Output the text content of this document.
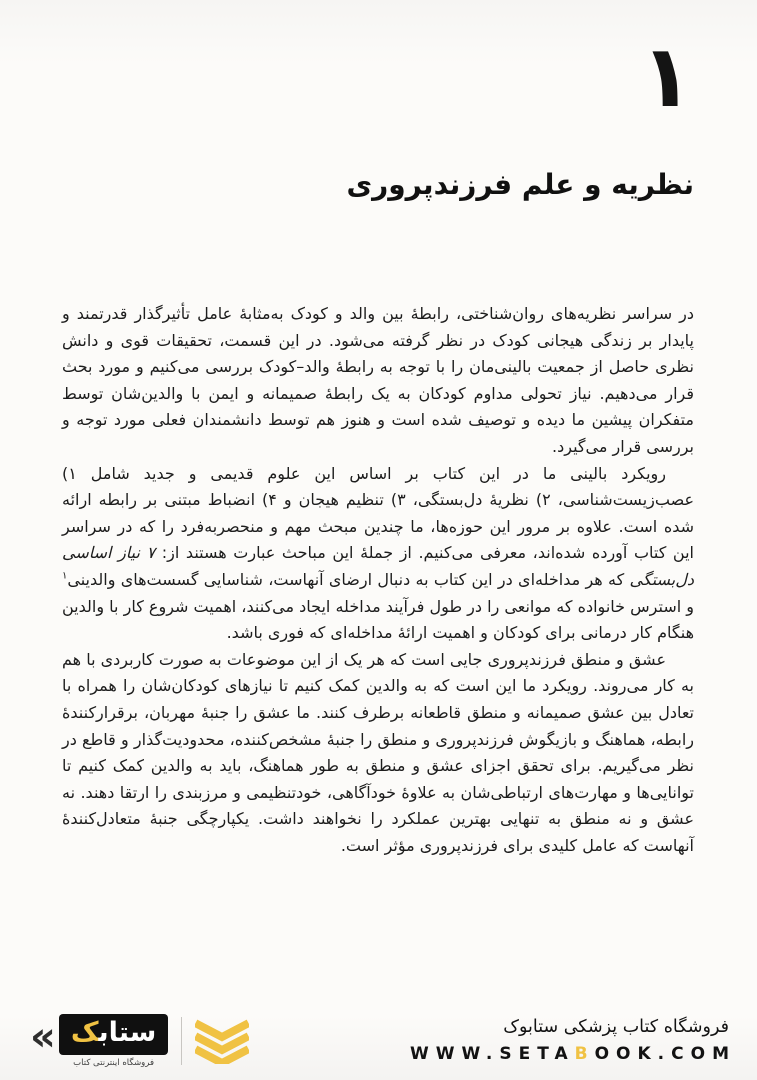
۱
نظریه و علم فرزندپروری

در سراسر نظریه‌های روان‌شناختی، رابطهٔ بین والد و کودک به‌مثابهٔ عامل تأثیرگذار قدرتمند و پایدار بر زندگی هیجانی کودک در نظر گرفته می‌شود. در این قسمت، تحقیقات قوی و دانش نظری حاصل از جمعیت بالینی‌مان را با توجه به رابطهٔ والد–کودک بررسی می‌کنیم و مورد بحث قرار می‌دهیم. نیاز تحولی مداوم کودکان به یک رابطهٔ صمیمانه و ایمن با والدین‌شان توسط متفکران پیشین ما دیده و توصیف شده است و هنوز هم توسط دانشمندان فعلی مورد توجه و بررسی قرار می‌گیرد.

رویکرد بالینی ما در این کتاب بر اساس این علوم قدیمی و جدید شامل ۱) عصب‌زیست‌شناسی، ۲) نظریهٔ دل‌بستگی، ۳) تنظیم هیجان و ۴) انضباط مبتنی بر رابطه ارائه شده است. علاوه بر مرور این حوزه‌ها، ما چندین مبحث مهم و منحصربه‌فرد را که در سراسر این کتاب آورده شده‌اند، معرفی می‌کنیم. از جملهٔ این مباحث عبارت هستند از: ۷ نیاز اساسی دل‌بستگی که هر مداخله‌ای در این کتاب به دنبال ارضای آنهاست، شناسایی گسست‌های والدینی$^۱$ و استرس خانواده که موانعی را در طول فرآیند مداخله ایجاد می‌کنند، اهمیت شروع کار با والدین هنگام کار درمانی برای کودکان و اهمیت ارائهٔ مداخله‌ای که فوری باشد.

عشق و منطق فرزندپروری جایی است که هر یک از این موضوعات به صورت کاربردی با هم به کار می‌روند. رویکرد ما این است که به والدین کمک کنیم تا نیازهای کودکان‌شان را همراه با تعادل بین عشق صمیمانه و منطق قاطعانه برطرف کنند. ما عشق را جنبهٔ مهربان، برقرارکنندهٔ رابطه، هماهنگ و بازیگوش فرزندپروری و منطق را جنبهٔ مشخص‌کننده، محدودیت‌گذار و قاطع در نظر می‌گیریم. برای تحقق اجزای عشق و منطق به طور هماهنگ، باید به والدین کمک کنیم تا توانایی‌ها و مهارت‌های ارتباطی‌شان به علاوهٔ خودآگاهی، خودتنظیمی و مرزبندی را ارتقا دهند. نه عشق و نه منطق به تنهایی بهترین عملکرد را نخواهند داشت. یکپارچگی جنبهٔ متعادل‌کنندهٔ آنهاست که عامل کلیدی برای فرزندپروری مؤثر است.

«	ستابک
فروشگاه اینترنتی کتاب
فروشگاه کتاب پزشکی ستابوک
WWW.SETABOOK.COM
